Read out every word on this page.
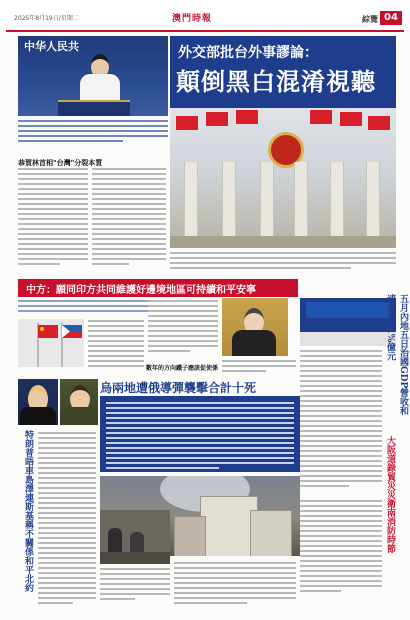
2025年8月19日/星期二	澳門時報	綜覽 04
中华人民共	外交部批台外事謬論：
顛倒黑白混淆視聽
恭賀林首相"台灣"分裂本質
中方：願同印方共同維護好邊境地區可持續和平安寧
數年的方向鐵子應該促使係	五月內地五日治國GDP營收和速度64.1%億元
大阪道錄貿災災衛南消防時節
特朗普晤車島澤連斯基稱不關係和平北約
烏兩地遭俄導彈襲擊合計十死
